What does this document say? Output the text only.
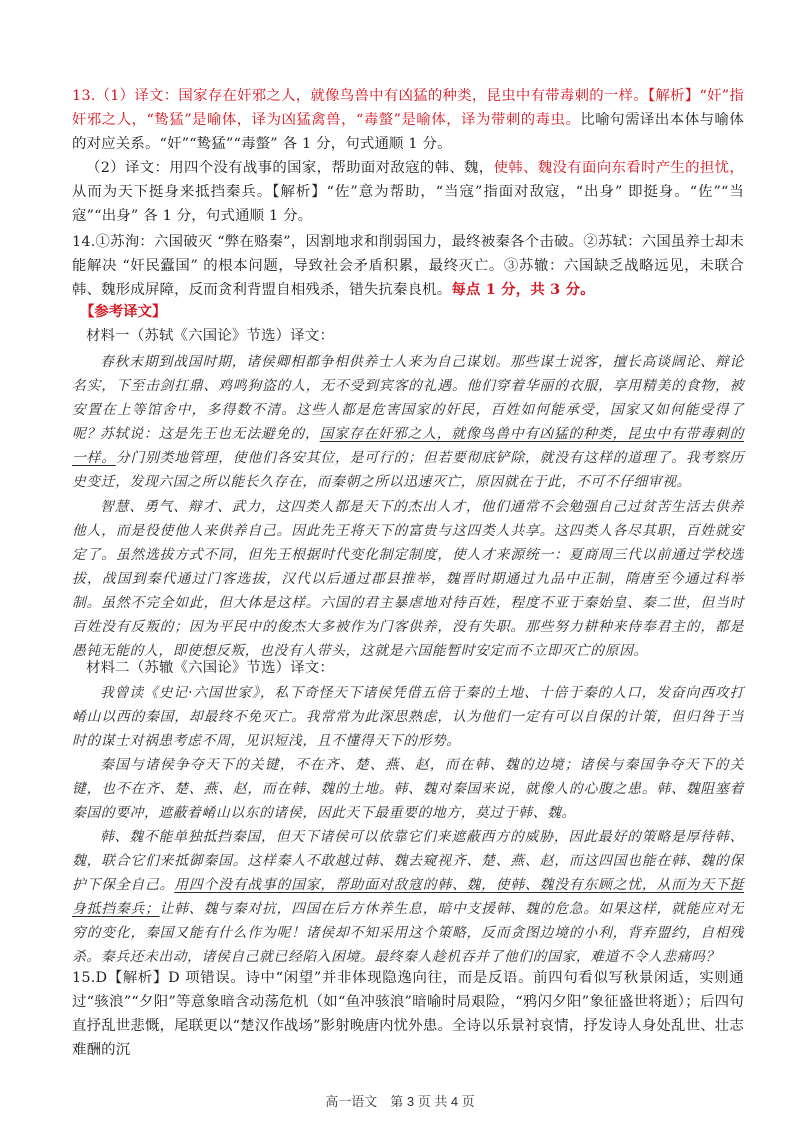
13.（1）译文：国家存在奸邪之人，就像鸟兽中有凶猛的种类，昆虫中有带毒刺的一样。【解析】“奸”指奸邪之人，“鸷猛”是喻体，译为凶猛禽兽，“毒螫”是喻体，译为带刺的毒虫。比喻句需译出本体与喻体的对应关系。“奸”“鸷猛”“毒螫” 各 1 分，句式通顺 1 分。
（2）译文：用四个没有战事的国家，帮助面对敌寇的韩、魏，使韩、魏没有面向东看时产生的担忧，从而为天下挺身来抵挡秦兵。【解析】“佐”意为帮助，“当寇”指面对敌寇，“出身” 即挺身。“佐”“当寇”“出身” 各 1 分，句式通顺 1 分。
14.①苏洵：六国破灭 “弊在赂秦”，因割地求和削弱国力，最终被秦各个击破。②苏轼：六国虽养士却未能解决 “奸民蠹国” 的根本问题，导致社会矛盾积累，最终灭亡。③苏辙：六国缺乏战略远见，未联合韩、魏形成屏障，反而贪利背盟自相残杀，错失抗秦良机。每点 1 分，共 3 分。
【参考译文】
材料一（苏轼《六国论》节选）译文：
春秋末期到战国时期，诸侯卿相都争相供养士人来为自己谋划。那些谋士说客，擅长高谈阔论、辩论名实，下至击剑扛鼎、鸡鸣狗盗的人，无不受到宾客的礼遇。他们穿着华丽的衣服，享用精美的食物，被安置在上等馆舍中，多得数不清。这些人都是危害国家的奸民，百姓如何能承受，国家又如何能受得了呢？ 苏轼说：这是先王也无法避免的，国家存在奸邪之人，就像鸟兽中有凶猛的种类，昆虫中有带毒刺的一样。分门别类地管理，使他们各安其位，是可行的；但若要彻底铲除，就没有这样的道理了。我考察历史变迁，发现六国之所以能长久存在，而秦朝之所以迅速灭亡，原因就在于此，不可不仔细审视。
智慧、勇气、辩才、武力，这四类人都是天下的杰出人才，他们通常不会勉强自己过贫苦生活去供养他人，而是役使他人来供养自己。因此先王将天下的富贵与这四类人共享。这四类人各尽其职，百姓就安定了。虽然选拔方式不同，但先王根据时代变化制定制度，使人才来源统一：夏商周三代以前通过学校选拔，战国到秦代通过门客选拔，汉代以后通过郡县推举，魏晋时期通过九品中正制，隋唐至今通过科举制。虽然不完全如此，但大体是这样。六国的君主暴虐地对待百姓，程度不亚于秦始皇、秦二世，但当时百姓没有反叛的；因为平民中的俊杰大多被作为门客供养，没有失职。那些努力耕种来侍奉君主的，都是愚钝无能的人，即使想反叛，也没有人带头，这就是六国能暂时安定而不立即灭亡的原因。
材料二（苏辙《六国论》节选）译文：
我曾读《史记·六国世家》，私下奇怪天下诸侯凭借五倍于秦的土地、十倍于秦的人口，发奋向西攻打崤山以西的秦国，却最终不免灭亡。我常常为此深思熟虑，认为他们一定有可以自保的计策，但归咎于当时的谋士对祸患考虑不周，见识短浅，且不懂得天下的形势。
秦国与诸侯争夺天下的关键，不在齐、楚、燕、赵，而在韩、魏的边境；诸侯与秦国争夺天下的关键，也不在齐、楚、燕、赵，而在韩、魏的土地。韩、魏对秦国来说，就像人的心腹之患。韩、魏阻塞着秦国的要冲，遮蔽着崤山以东的诸侯，因此天下最重要的地方，莫过于韩、魏。
韩、魏不能单独抵挡秦国，但天下诸侯可以依靠它们来遮蔽西方的威胁，因此最好的策略是厚待韩、魏，联合它们来抵御秦国。这样秦人不敢越过韩、魏去窥视齐、楚、燕、赵，而这四国也能在韩、魏的保护下保全自己。用四个没有战事的国家，帮助面对敌寇的韩、魏，使韩、魏没有东顾之忧，从而为天下挺身抵挡秦兵；让韩、魏与秦对抗，四国在后方休养生息，暗中支援韩、魏的危急。如果这样，就能应对无穷的变化，秦国又能有什么作为呢！诸侯却不知采用这个策略，反而贪图边境的小利，背弃盟约，自相残杀。秦兵还未出动，诸侯自己就已经陷入困境。最终秦人趁机吞并了他们的国家，难道不令人悲痛吗？
15.D【解析】D 项错误。诗中“闲望”并非体现隐逸向往，而是反语。前四句看似写秋景闲适，实则通过“骇浪”“夕阳”等意象暗含动荡危机（如“鱼冲骇浪”暗喻时局艰险，“鸦闪夕阳”象征盛世将逝）；后四句直抒乱世悲慨，尾联更以“楚汉作战场”影射晚唐内忧外患。全诗以乐景衬哀情，抒发诗人身处乱世、壮志难酬的沉
高一语文　第 3 页 共 4 页
